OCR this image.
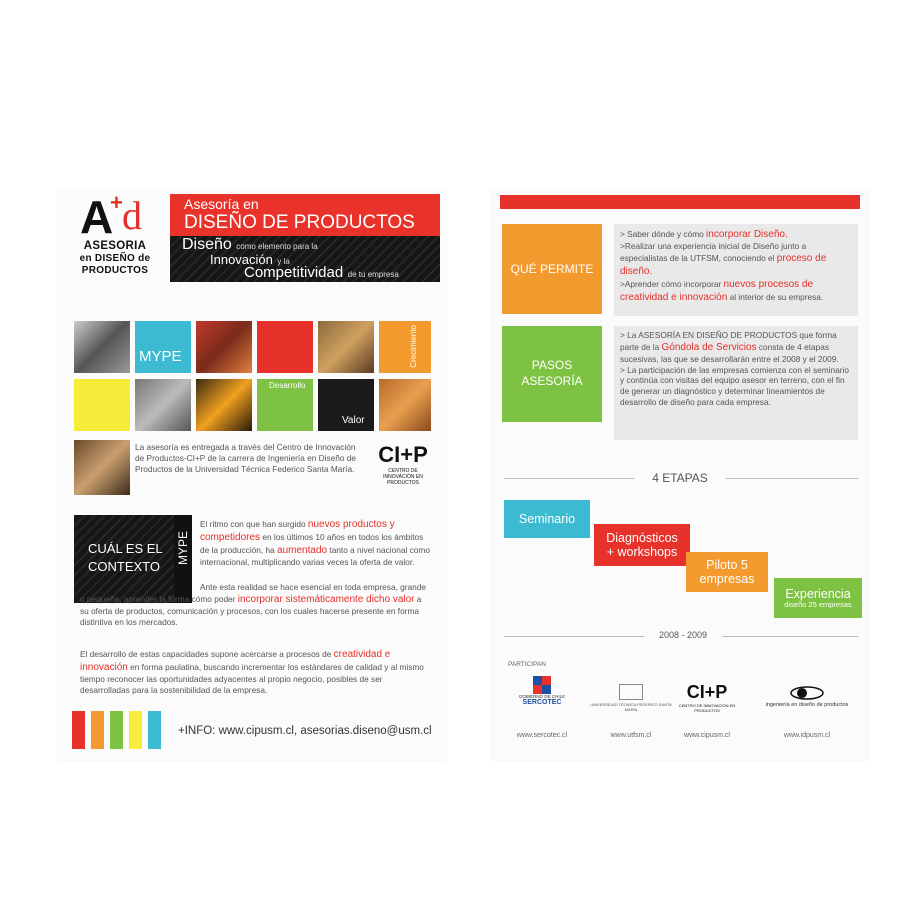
A
+ d
ASESORIA
en DISEÑO de
PRODUCTOS
Asesoría en
DISEÑO DE PRODUCTOS
Diseño como elemento para la
Innovación y la
Competitividad de tu empresa
MYPE	Crecimiento
Desarrollo
Valor
La asesoría es entregada a través del Centro de Innovación de Productos-CI+P de la carrera de Ingeniería en Diseño de Productos de la Universidad Técnica Federico Santa María.
CI+P
CENTRO DE INNOVACIÓN EN PRODUCTOS
CUÁL ES EL
CONTEXTO
MYPE
El ritmo con que han surgido nuevos productos y competidores en los últimos 10 años en todos los ámbitos de la producción, ha aumentado tanto a nivel nacional como internacional, multiplicando varias veces la oferta de valor.
Ante esta realidad se hace esencial en toda empresa, grande o pequeña, aprender la forma cómo poder incorporar sistemáticamente dicho valor a su oferta de productos, comunicación y procesos, con los cuales hacerse presente en forma distintiva en los mercados.
El desarrollo de estas capacidades supone acercarse a procesos de creatividad e innovación en forma paulatina, buscando incrementar los estándares de calidad y al mismo tiempo reconocer las oportunidades adyacentes al propio negocio, posibles de ser desarrolladas para la sostenibilidad de la empresa.
+INFO: www.cipusm.cl, asesorias.diseno@usm.cl
QUÉ PERMITE
> Saber dónde y cómo incorporar Diseño.
>Realizar una experiencia inicial de Diseño junto a especialistas de la UTFSM, conociendo el proceso de diseño.
>Aprender cómo incorporar nuevos procesos de creatividad e innovación al interior de su empresa.
PASOS
ASESORÍA
> La ASESORÍA EN DISEÑO DE PRODUCTOS que forma parte de la Góndola de Servicios consta de 4 etapas sucesivas, las que se desarrollarán entre el 2008 y el 2009.
> La participación de las empresas comienza con el seminario y continúa con visitas del equipo asesor en terreno, con el fin de generar un diagnóstico y determinar lineamientos de desarrollo de diseño para cada empresa.
4 ETAPAS
Seminario
Diagnósticos
+ workshops
Piloto 5
empresas
Experiencia
diseño 25 empresas
2008 - 2009
PARTICIPAN
GOBIERNO DE CHILE
SERCOTEC	UNIVERSIDAD TÉCNICA FEDERICO SANTA MARÍA
CI+P
CENTRO DE INNOVACIÓN EN PRODUCTOS
ingeniería en diseño de productos
www.sercotec.cl	www.utfsm.cl	www.cipusm.cl	www.idpusm.cl
